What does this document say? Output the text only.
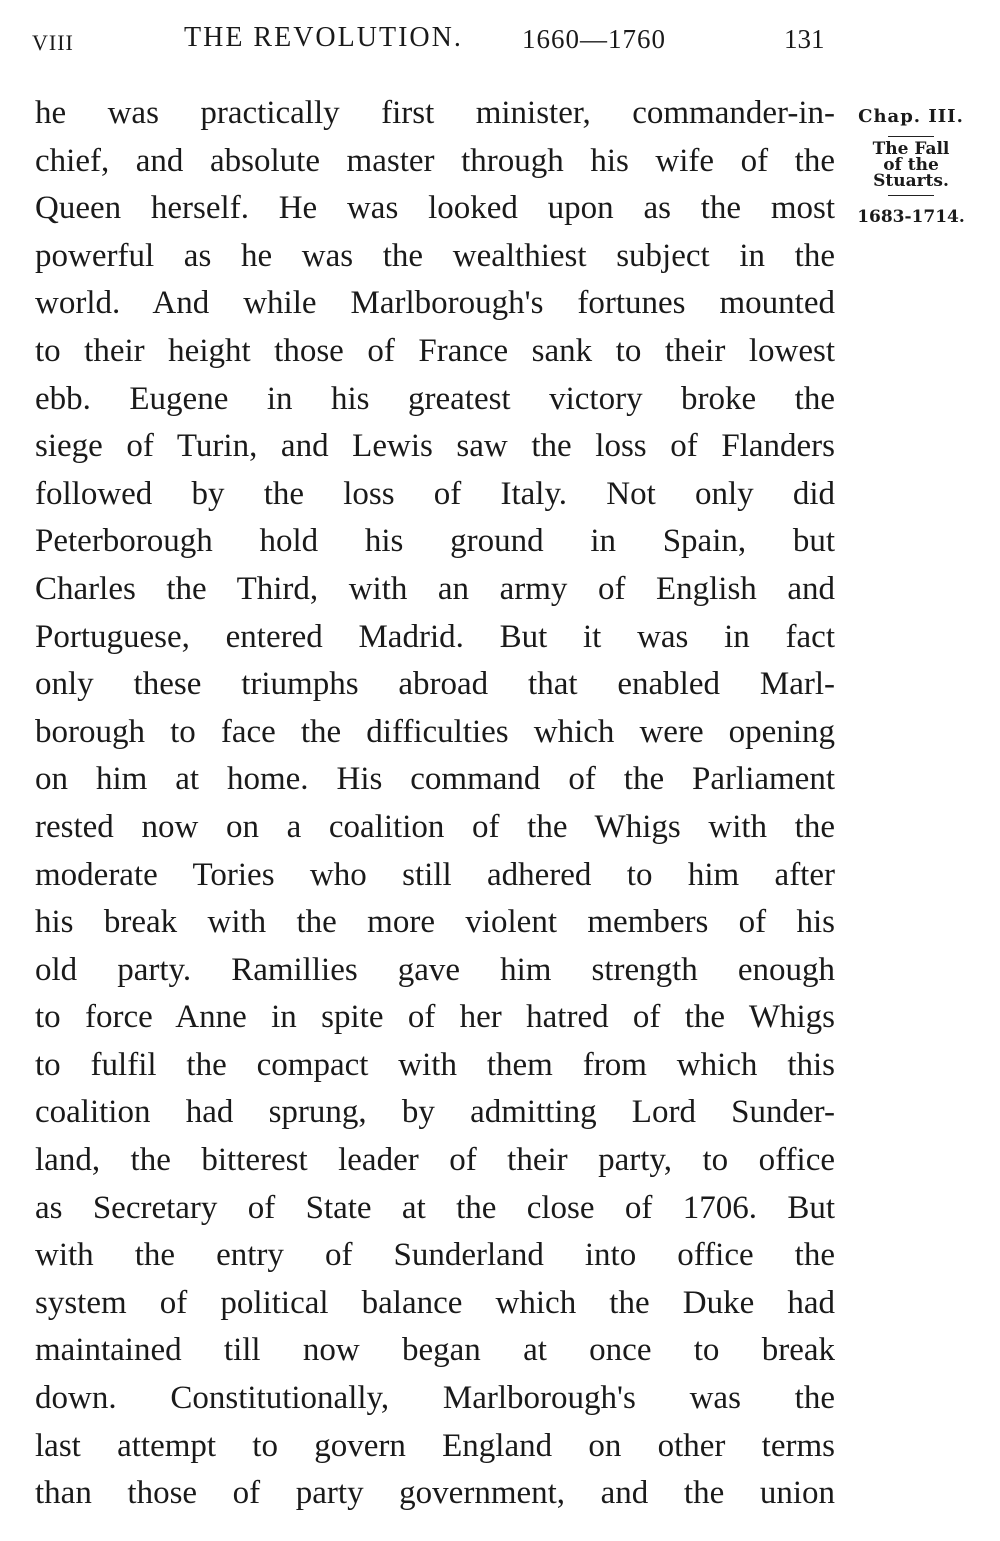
VIII	THE REVOLUTION. 1660—1760	131
he was practically first minister, commander-in-
chief, and absolute master through his wife of the
Queen herself. He was looked upon as the most
powerful as he was the wealthiest subject in the
world. And while Marlborough's fortunes mounted
to their height those of France sank to their lowest
ebb. Eugene in his greatest victory broke the
siege of Turin, and Lewis saw the loss of Flanders
followed by the loss of Italy. Not only did
Peterborough hold his ground in Spain, but
Charles the Third, with an army of English and
Portuguese, entered Madrid. But it was in fact
only these triumphs abroad that enabled Marl-
borough to face the difficulties which were opening
on him at home. His command of the Parliament
rested now on a coalition of the Whigs with the
moderate Tories who still adhered to him after
his break with the more violent members of his
old party. Ramillies gave him strength enough
to force Anne in spite of her hatred of the Whigs
to fulfil the compact with them from which this
coalition had sprung, by admitting Lord Sunder-
land, the bitterest leader of their party, to office
as Secretary of State at the close of 1706. But
with the entry of Sunderland into office the
system of political balance which the Duke had
maintained till now began at once to break
down. Constitutionally, Marlborough's was the
last attempt to govern England on other terms
than those of party government, and the union
Chap. III.
The Fall
of the
Stuarts.
1683-1714.
